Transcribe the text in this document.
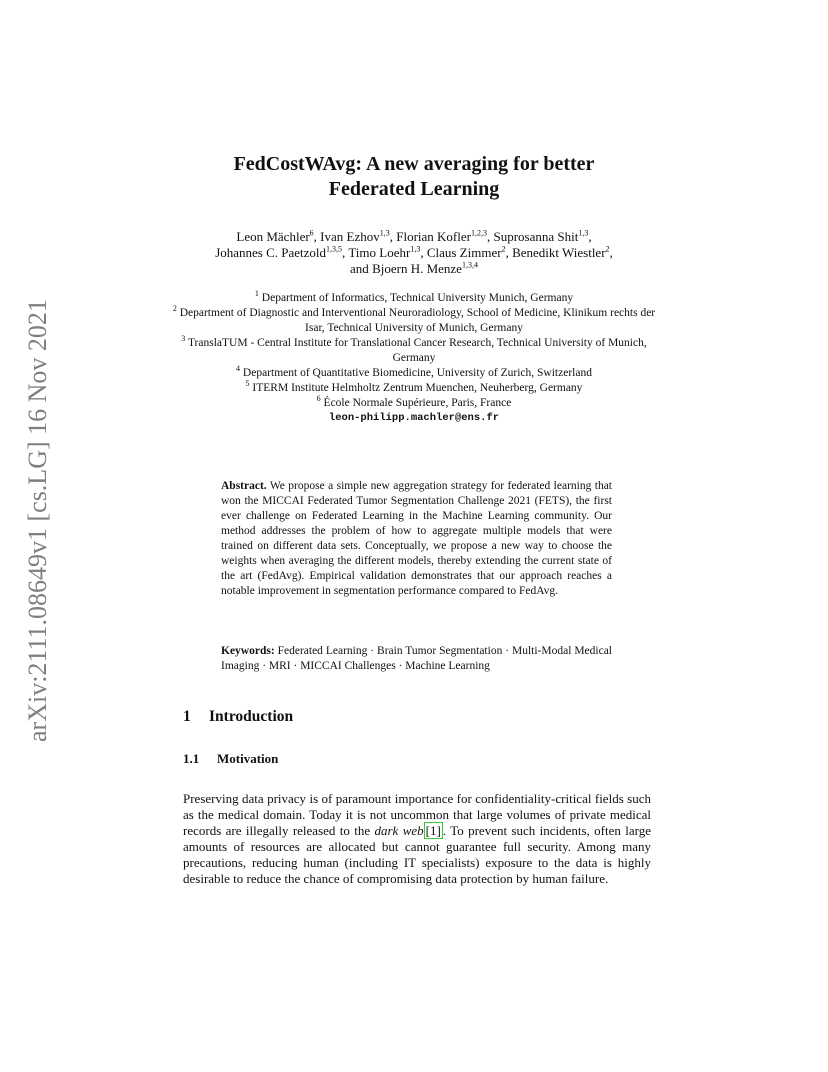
arXiv:2111.08649v1 [cs.LG] 16 Nov 2021
FedCostWAvg: A new averaging for better
Federated Learning
Leon Mächler$^6$, Ivan Ezhov$^{1,3}$, Florian Kofler$^{1,2,3}$, Suprosanna Shit$^{1,3}$,
Johannes C. Paetzold$^{1,3,5}$, Timo Loehr$^{1,3}$, Claus Zimmer$^2$, Benedikt Wiestler$^2$,
and Bjoern H. Menze$^{1,3,4}$
$^1$ Department of Informatics, Technical University Munich, Germany
$^2$ Department of Diagnostic and Interventional Neuroradiology, School of Medicine, Klinikum rechts der Isar, Technical University of Munich, Germany
$^3$ TranslaTUM - Central Institute for Translational Cancer Research, Technical University of Munich, Germany
$^4$ Department of Quantitative Biomedicine, University of Zurich, Switzerland
$^5$ ITERM Institute Helmholtz Zentrum Muenchen, Neuherberg, Germany
$^6$ École Normale Supérieure, Paris, France
leon-philipp.machler@ens.fr
Abstract. We propose a simple new aggregation strategy for federated learning that won the MICCAI Federated Tumor Segmentation Challenge 2021 (FETS), the first ever challenge on Federated Learning in the Machine Learning community. Our method addresses the problem of how to aggregate multiple models that were trained on different data sets. Conceptually, we propose a new way to choose the weights when averaging the different models, thereby extending the current state of the art (FedAvg). Empirical validation demonstrates that our approach reaches a notable improvement in segmentation performance compared to FedAvg.
Keywords: Federated Learning · Brain Tumor Segmentation · Multi-Modal Medical Imaging · MRI · MICCAI Challenges · Machine Learning
1 Introduction
1.1 Motivation
Preserving data privacy is of paramount importance for confidentiality-critical fields such as the medical domain. Today it is not uncommon that large volumes of private medical records are illegally released to the dark web [1] . To prevent such incidents, often large amounts of resources are allocated but cannot guarantee full security. Among many precautions, reducing human (including IT specialists) exposure to the data is highly desirable to reduce the chance of compromising data protection by human failure.
